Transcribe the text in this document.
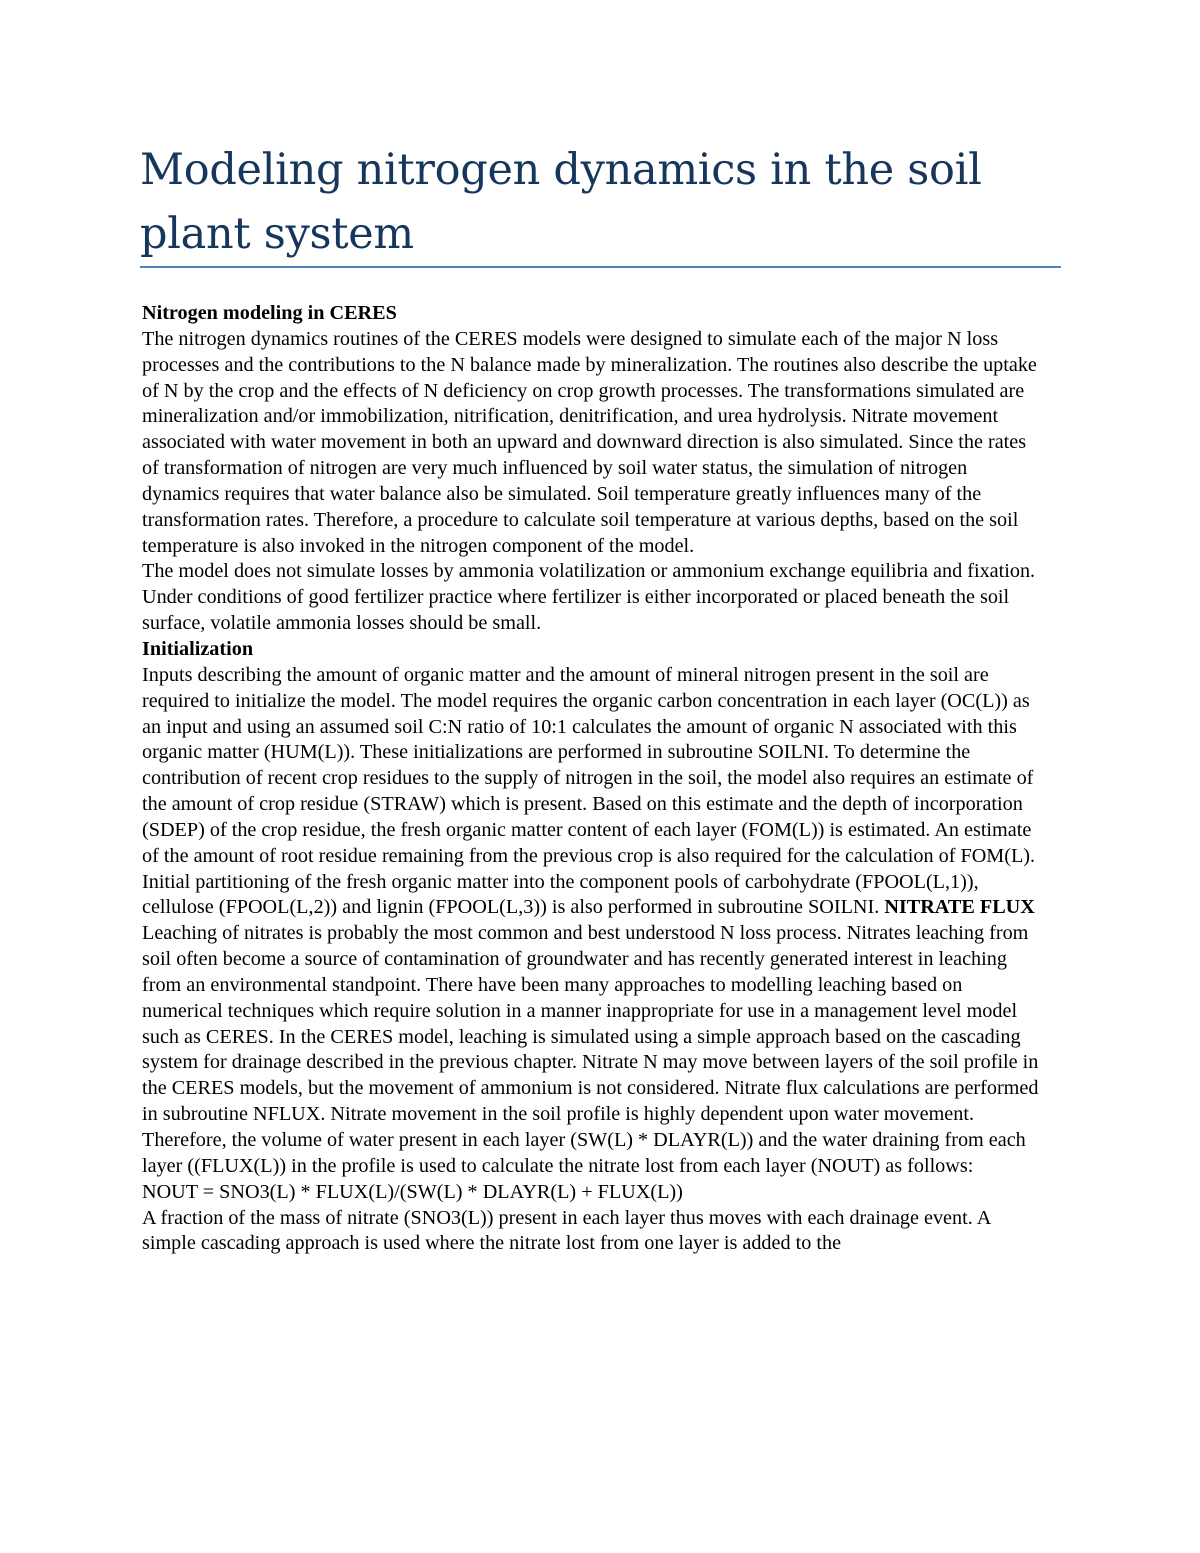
Modeling nitrogen dynamics in the soil plant system
Nitrogen modeling in CERES

The nitrogen dynamics routines of the CERES models were designed to simulate each of the major N loss processes and the contributions to the N balance made by mineralization. The routines also describe the uptake of N by the crop and the effects of N deficiency on crop growth processes. The transformations simulated are mineralization and/or immobilization, nitrification, denitrification, and urea hydrolysis. Nitrate movement associated with water movement in both an upward and downward direction is also simulated. Since the rates of transformation of nitrogen are very much influenced by soil water status, the simulation of nitrogen dynamics requires that water balance also be simulated. Soil temperature greatly influences many of the transformation rates. Therefore, a procedure to calculate soil temperature at various depths, based on the soil temperature is also invoked in the nitrogen component of the model.

The model does not simulate losses by ammonia volatilization or ammonium exchange equilibria and fixation. Under conditions of good fertilizer practice where fertilizer is either incorporated or placed beneath the soil surface, volatile ammonia losses should be small.

Initialization

Inputs describing the amount of organic matter and the amount of mineral nitrogen present in the soil are required to initialize the model. The model requires the organic carbon concentration in each layer (OC(L)) as an input and using an assumed soil C:N ratio of 10:1 calculates the amount of organic N associated with this organic matter (HUM(L)). These initializations are performed in subroutine SOILNI. To determine the contribution of recent crop residues to the supply of nitrogen in the soil, the model also requires an estimate of the amount of crop residue (STRAW) which is present. Based on this estimate and the depth of incorporation (SDEP) of the crop residue, the fresh organic matter content of each layer (FOM(L)) is estimated. An estimate of the amount of root residue remaining from the previous crop is also required for the calculation of FOM(L). Initial partitioning of the fresh organic matter into the component pools of carbohydrate (FPOOL(L,1)), cellulose (FPOOL(L,2)) and lignin (FPOOL(L,3)) is also performed in subroutine SOILNI. NITRATE FLUX

Leaching of nitrates is probably the most common and best understood N loss process. Nitrates leaching from soil often become a source of contamination of groundwater and has recently generated interest in leaching from an environmental standpoint. There have been many approaches to modelling leaching based on numerical techniques which require solution in a manner inappropriate for use in a management level model such as CERES. In the CERES model, leaching is simulated using a simple approach based on the cascading system for drainage described in the previous chapter. Nitrate N may move between layers of the soil profile in the CERES models, but the movement of ammonium is not considered. Nitrate flux calculations are performed in subroutine NFLUX. Nitrate movement in the soil profile is highly dependent upon water movement. Therefore, the volume of water present in each layer (SW(L) * DLAYR(L)) and the water draining from each layer ((FLUX(L)) in the profile is used to calculate the nitrate lost from each layer (NOUT) as follows:

NOUT = SNO3(L) * FLUX(L)/(SW(L) * DLAYR(L) + FLUX(L))

A fraction of the mass of nitrate (SNO3(L)) present in each layer thus moves with each drainage event. A simple cascading approach is used where the nitrate lost from one layer is added to the
